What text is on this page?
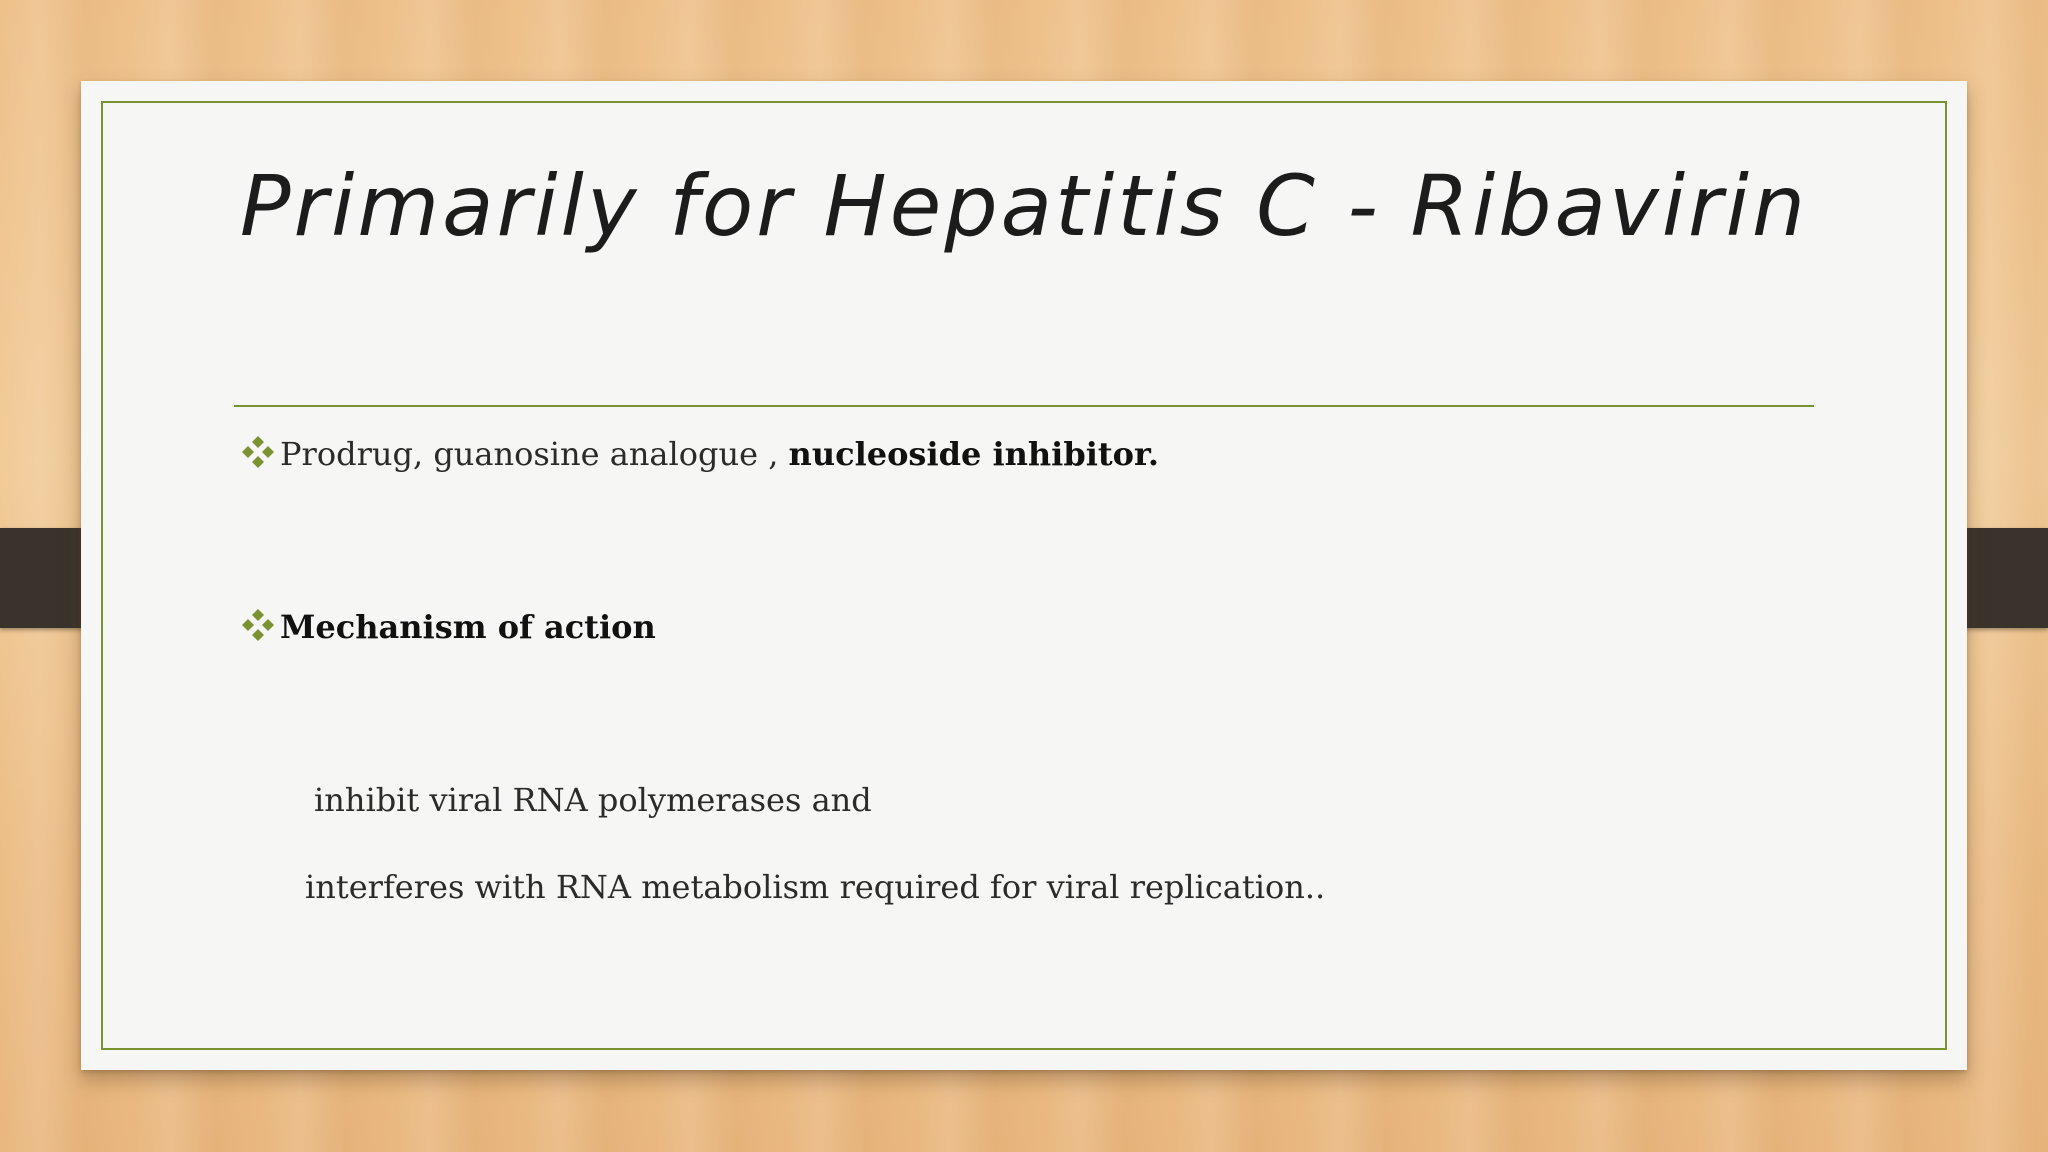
Primarily for Hepatitis C - Ribavirin
Prodrug, guanosine analogue , nucleoside inhibitor.
Mechanism of action
inhibit viral RNA polymerases and
interferes with RNA metabolism required for viral replication..
